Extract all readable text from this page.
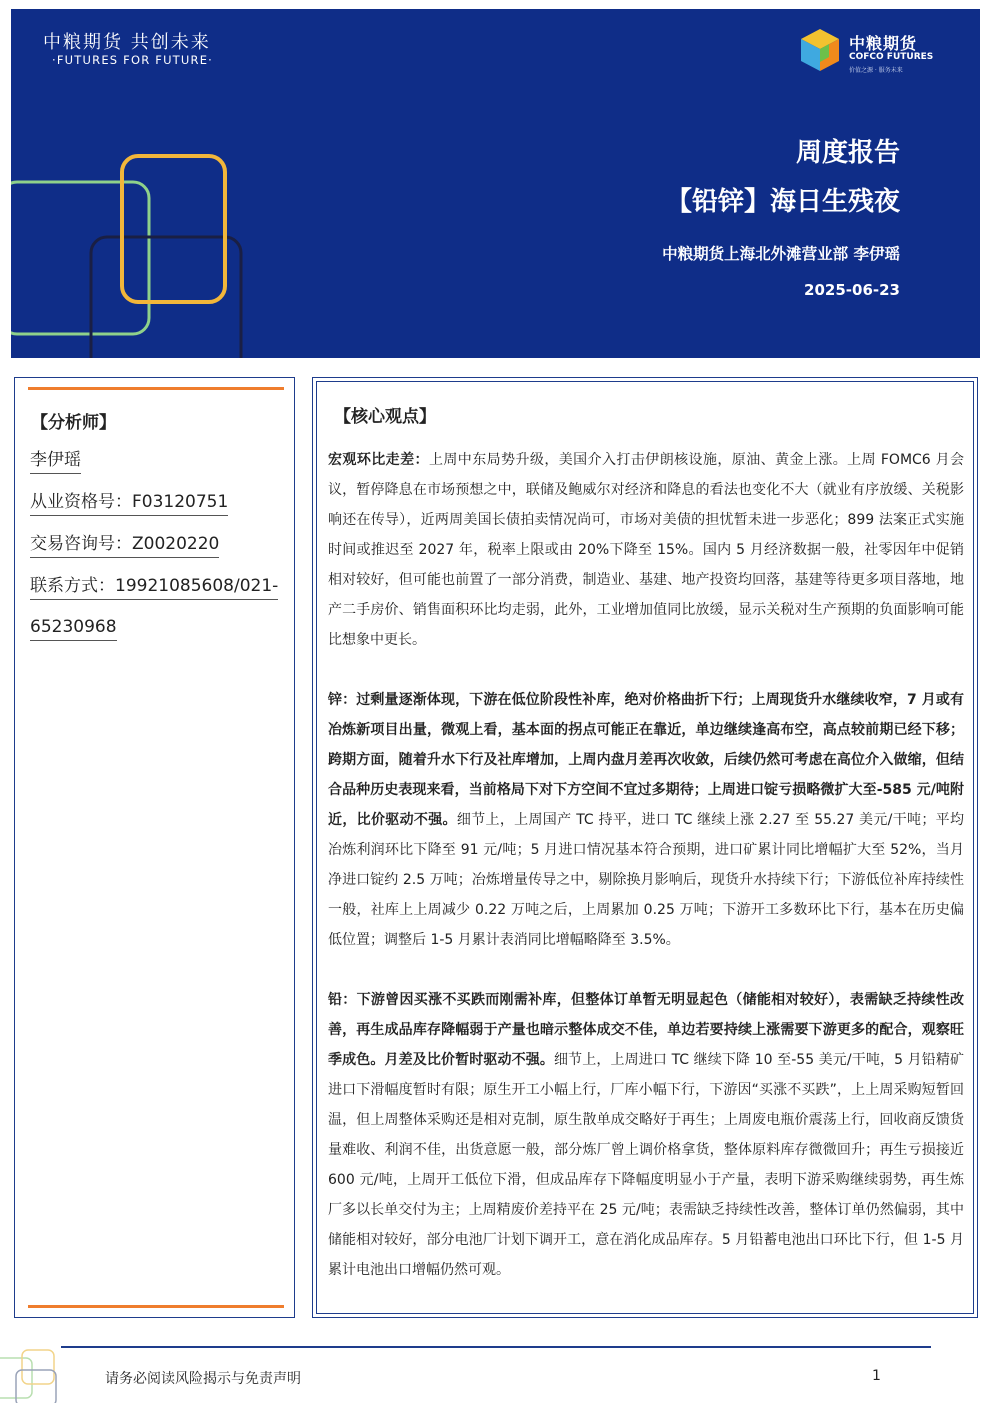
中粮期货 共创未来
·FUTURES FOR FUTURE·
中粮期货
COFCO FUTURES
价值之源 · 服务未来
周度报告
【铅锌】海日生残夜
中粮期货上海北外滩营业部 李伊瑶
2025-06-23
【分析师】
李伊瑶
从业资格号：F03120751
交易咨询号：Z0020220
联系方式：19921085608/021-
65230968
【核心观点】
宏观环比走差：上周中东局势升级，美国介入打击伊朗核设施，原油、黄金上涨。上周 FOMC6 月会议，暂停降息在市场预想之中，联储及鲍威尔对经济和降息的看法也变化不大（就业有序放缓、关税影响还在传导），近两周美国长债拍卖情况尚可，市场对美债的担忧暂未进一步恶化；899 法案正式实施时间或推迟至 2027 年，税率上限或由 20%下降至 15%。国内 5 月经济数据一般，社零因年中促销相对较好，但可能也前置了一部分消费，制造业、基建、地产投资均回落，基建等待更多项目落地，地产二手房价、销售面积环比均走弱，此外，工业增加值同比放缓，显示关税对生产预期的负面影响可能比想象中更长。
锌：过剩量逐渐体现，下游在低位阶段性补库，绝对价格曲折下行；上周现货升水继续收窄，7 月或有冶炼新项目出量，微观上看，基本面的拐点可能正在靠近，单边继续逢高布空，高点较前期已经下移；跨期方面，随着升水下行及社库增加，上周内盘月差再次收敛，后续仍然可考虑在高位介入做缩，但结合品种历史表现来看，当前格局下对下方空间不宜过多期待；上周进口锭亏损略微扩大至-585 元/吨附近，比价驱动不强。细节上，上周国产 TC 持平，进口 TC 继续上涨 2.27 至 55.27 美元/干吨；平均冶炼利润环比下降至 91 元/吨；5 月进口情况基本符合预期，进口矿累计同比增幅扩大至 52%，当月净进口锭约 2.5 万吨；冶炼增量传导之中，剔除换月影响后，现货升水持续下行；下游低位补库持续性一般，社库上上周减少 0.22 万吨之后，上周累加 0.25 万吨；下游开工多数环比下行，基本在历史偏低位置；调整后 1-5 月累计表消同比增幅略降至 3.5%。
铅：下游曾因买涨不买跌而刚需补库，但整体订单暂无明显起色（储能相对较好），表需缺乏持续性改善，再生成品库存降幅弱于产量也暗示整体成交不佳，单边若要持续上涨需要下游更多的配合，观察旺季成色。月差及比价暂时驱动不强。细节上，上周进口 TC 继续下降 10 至-55 美元/干吨，5 月铅精矿进口下滑幅度暂时有限；原生开工小幅上行，厂库小幅下行，下游因“买涨不买跌”，上上周采购短暂回温，但上周整体采购还是相对克制，原生散单成交略好于再生；上周废电瓶价震荡上行，回收商反馈货量难收、利润不佳，出货意愿一般，部分炼厂曾上调价格拿货，整体原料库存微微回升；再生亏损接近 600 元/吨，上周开工低位下滑，但成品库存下降幅度明显小于产量，表明下游采购继续弱势，再生炼厂多以长单交付为主；上周精废价差持平在 25 元/吨；表需缺乏持续性改善，整体订单仍然偏弱，其中储能相对较好，部分电池厂计划下调开工，意在消化成品库存。5 月铅蓄电池出口环比下行，但 1-5 月累计电池出口增幅仍然可观。
请务必阅读风险揭示与免责声明	1
